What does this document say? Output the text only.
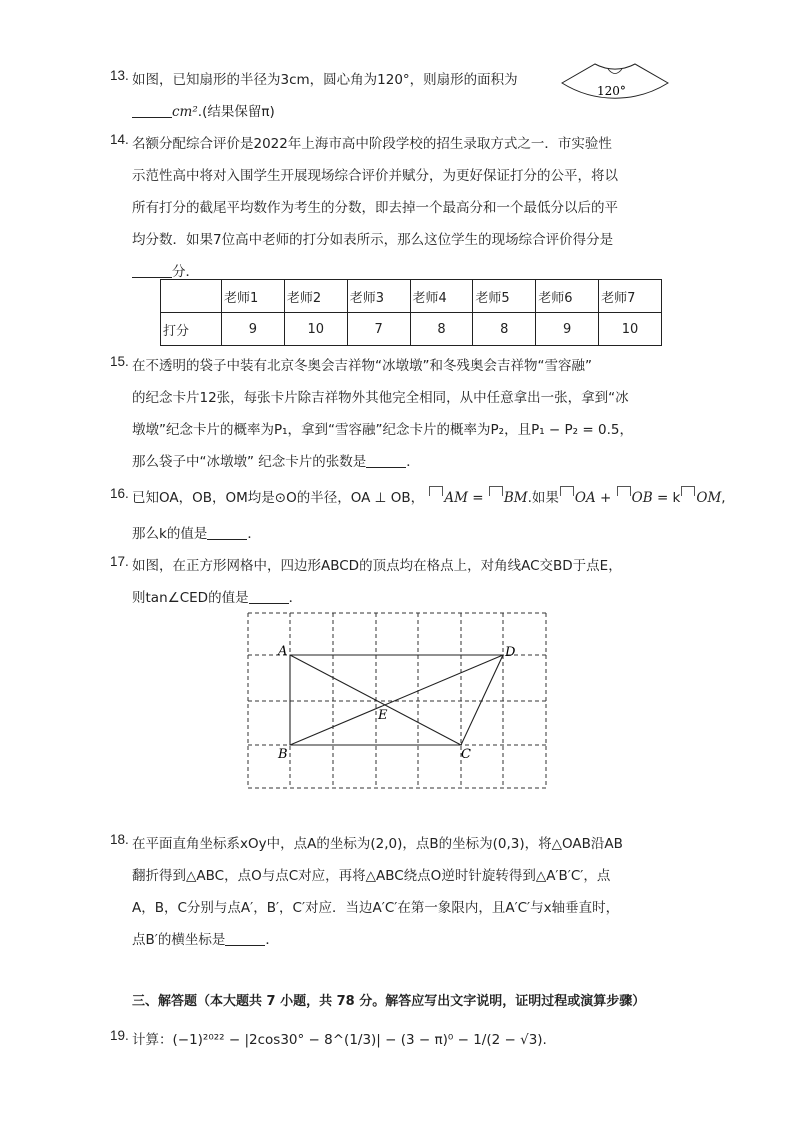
13. 如图，已知扇形的半径为3cm，圆心角为120°，则扇形的面积为
cm².(结果保留π)
120°
14. 名额分配综合评价是2022年上海市高中阶段学校的招生录取方式之一．市实验性
示范性高中将对入围学生开展现场综合评价并赋分，为更好保证打分的公平，将以
所有打分的截尾平均数作为考生的分数，即去掉一个最高分和一个最低分以后的平
均分数．如果7位高中老师的打分如表所示，那么这位学生的现场综合评价得分是
分．
	老师1	老师2	老师3	老师4	老师5	老师6	老师7
打分	9	10	7	8	8	9	10
15. 在不透明的袋子中装有北京冬奥会吉祥物“冰墩墩”和冬残奥会吉祥物“雪容融”
的纪念卡片12张，每张卡片除吉祥物外其他完全相同，从中任意拿出一张，拿到“冰
墩墩”纪念卡片的概率为P₁，拿到“雪容融”纪念卡片的概率为P₂，且P₁ − P₂ = 0.5，
那么袋子中“冰墩墩” 纪念卡片的张数是	．
16. 已知OA，OB，OM均是⊙O的半径，OA ⊥ OB， AM = BM.如果 OA + OB = k OM,
那么k的值是	．
17. 如图，在正方形网格中，四边形ABCD的顶点均在格点上，对角线AC交BD于点E，
则tan∠CED的值是	．
A	D
B	C
E
18. 在平面直角坐标系xOy中，点A的坐标为(2,0)，点B的坐标为(0,3)，将△OAB沿AB
翻折得到△ABC，点O与点C对应，再将△ABC绕点O逆时针旋转得到△A′B′C′，点
A，B，C分别与点A′，B′，C′对应．当边A′C′在第一象限内，且A′C′与x轴垂直时，
点B′的横坐标是	．
三、解答题（本大题共 7 小题，共 78 分。解答应写出文字说明，证明过程或演算步骤）
19. 计算：(−1)²⁰²² − |2cos30° − 8^(1/3)| − (3 − π)⁰ − 1/(2 − √3).
